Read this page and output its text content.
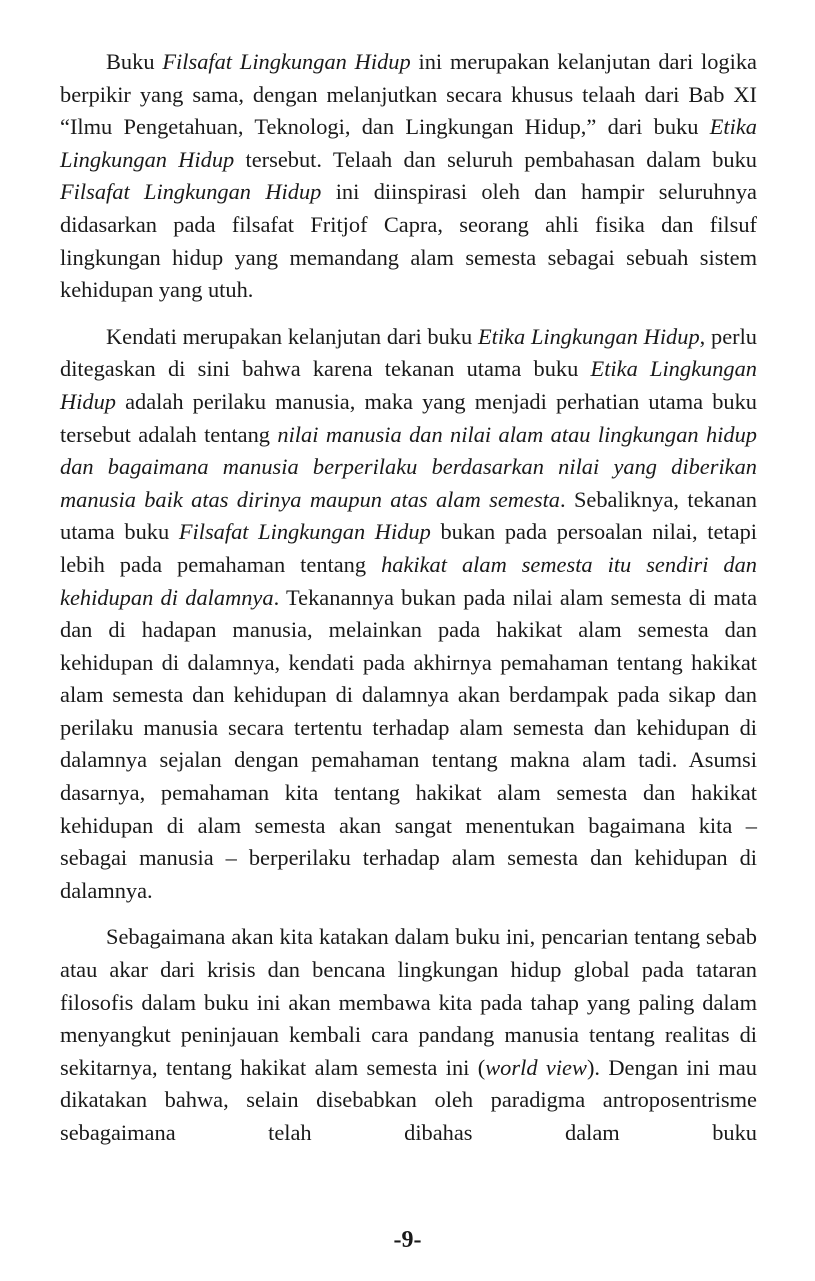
Buku Filsafat Lingkungan Hidup ini merupakan kelanjutan dari logika berpikir yang sama, dengan melanjutkan secara khusus telaah dari Bab XI “Ilmu Pengetahuan, Teknologi, dan Lingkungan Hidup,” dari buku Etika Lingkungan Hidup tersebut. Telaah dan seluruh pembahasan dalam buku Filsafat Lingkungan Hidup ini diinspirasi oleh dan hampir seluruhnya didasarkan pada filsafat Fritjof Capra, seorang ahli fisika dan filsuf lingkungan hidup yang memandang alam semesta sebagai sebuah sistem kehidupan yang utuh.

Kendati merupakan kelanjutan dari buku Etika Lingkungan Hidup, perlu ditegaskan di sini bahwa karena tekanan utama buku Etika Lingkungan Hidup adalah perilaku manusia, maka yang menjadi perhatian utama buku tersebut adalah tentang nilai manusia dan nilai alam atau lingkungan hidup dan bagaimana manusia berperilaku berdasarkan nilai yang diberikan manusia baik atas dirinya maupun atas alam semesta. Sebaliknya, tekanan utama buku Filsafat Lingkungan Hidup bukan pada persoalan nilai, tetapi lebih pada pemahaman tentang hakikat alam semesta itu sendiri dan kehidupan di dalamnya. Tekanannya bukan pada nilai alam semesta di mata dan di hadapan manusia, melainkan pada hakikat alam semesta dan kehidupan di dalamnya, kendati pada akhirnya pemahaman tentang hakikat alam semesta dan kehidupan di dalamnya akan berdampak pada sikap dan perilaku manusia secara tertentu terhadap alam semesta dan kehidupan di dalamnya sejalan dengan pemahaman tentang makna alam tadi. Asumsi dasarnya, pemahaman kita tentang hakikat alam semesta dan hakikat kehidupan di alam semesta akan sangat menentukan bagaimana kita – sebagai manusia – berperilaku terhadap alam semesta dan kehidupan di dalamnya.

Sebagaimana akan kita katakan dalam buku ini, pencarian tentang sebab atau akar dari krisis dan bencana lingkungan hidup global pada tataran filosofis dalam buku ini akan membawa kita pada tahap yang paling dalam menyangkut peninjauan kembali cara pandang manusia tentang realitas di sekitarnya, tentang hakikat alam semesta ini (world view). Dengan ini mau dikatakan bahwa, selain disebabkan oleh paradigma antroposentrisme sebagaimana telah dibahas dalam buku

-9-
